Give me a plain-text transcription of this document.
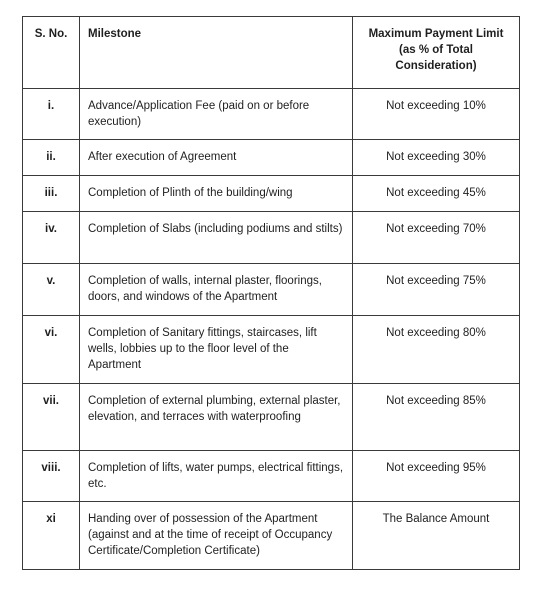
S. No.	Milestone	Maximum Payment Limit (as % of Total Consideration)
i.	Advance/Application Fee (paid on or before execution)	Not exceeding 10%
ii.	After execution of Agreement	Not exceeding 30%
iii.	Completion of Plinth of the building/wing	Not exceeding 45%
iv.	Completion of Slabs (including podiums and stilts)	Not exceeding 70%
v.	Completion of walls, internal plaster, floorings, doors, and windows of the Apartment	Not exceeding 75%
vi.	Completion of Sanitary fittings, staircases, lift wells, lobbies up to the floor level of the Apartment	Not exceeding 80%
vii.	Completion of external plumbing, external plaster, elevation, and terraces with waterproofing	Not exceeding 85%
viii.	Completion of lifts, water pumps, electrical fittings, etc.	Not exceeding 95%
xi	Handing over of possession of the Apartment (against and at the time of receipt of Occupancy Certificate/Completion Certificate)	The Balance Amount
